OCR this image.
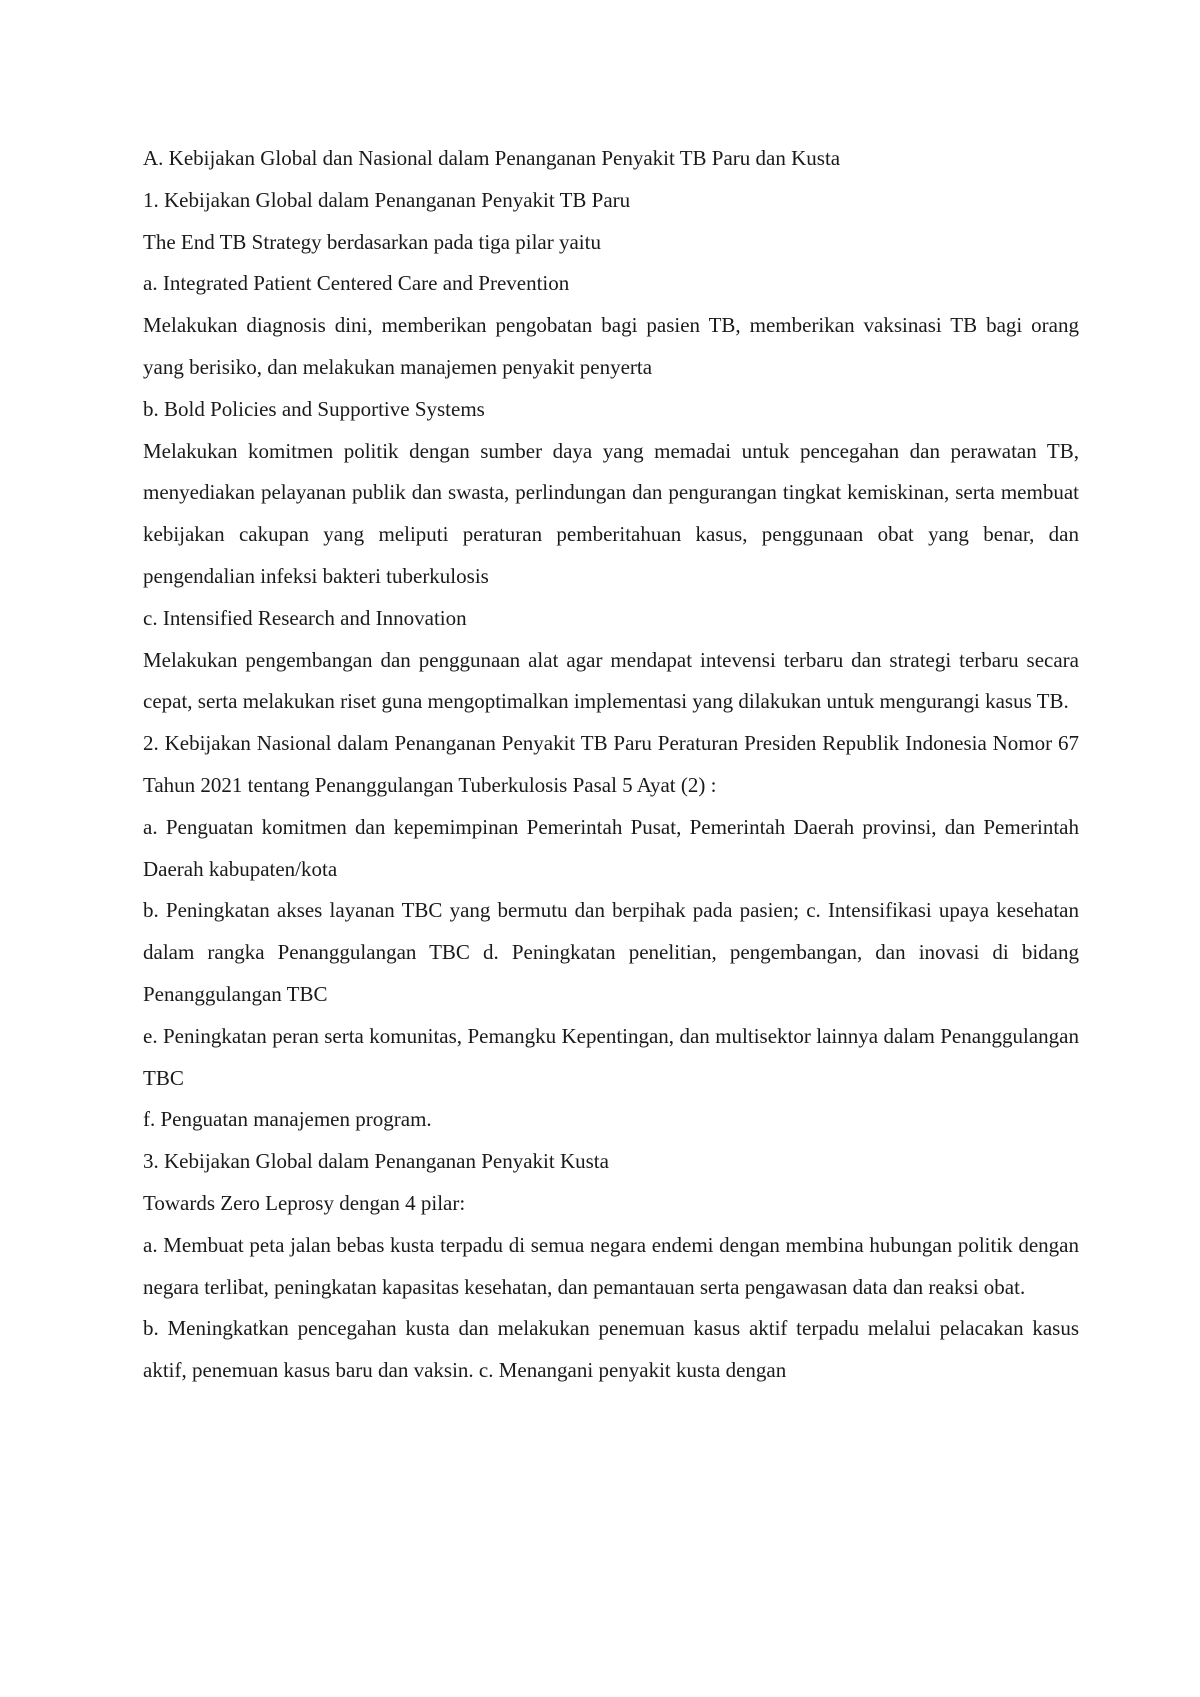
A. Kebijakan Global dan Nasional dalam Penanganan Penyakit TB Paru dan Kusta

1. Kebijakan Global dalam Penanganan Penyakit TB Paru

The End TB Strategy berdasarkan pada tiga pilar yaitu

a. Integrated Patient Centered Care and Prevention

Melakukan diagnosis dini, memberikan pengobatan bagi pasien TB, memberikan vaksinasi TB bagi orang yang berisiko, dan melakukan manajemen penyakit penyerta

b. Bold Policies and Supportive Systems

Melakukan komitmen politik dengan sumber daya yang memadai untuk pencegahan dan perawatan TB, menyediakan pelayanan publik dan swasta, perlindungan dan pengurangan tingkat kemiskinan, serta membuat kebijakan cakupan yang meliputi peraturan pemberitahuan kasus, penggunaan obat yang benar, dan pengendalian infeksi bakteri tuberkulosis

c. Intensified Research and Innovation

Melakukan pengembangan dan penggunaan alat agar mendapat intevensi terbaru dan strategi terbaru secara cepat, serta melakukan riset guna mengoptimalkan implementasi yang dilakukan untuk mengurangi kasus TB.

2. Kebijakan Nasional dalam Penanganan Penyakit TB Paru Peraturan Presiden Republik Indonesia Nomor 67 Tahun 2021 tentang Penanggulangan Tuberkulosis Pasal 5 Ayat (2) :

a. Penguatan komitmen dan kepemimpinan Pemerintah Pusat, Pemerintah Daerah provinsi, dan Pemerintah Daerah kabupaten/kota

b. Peningkatan akses layanan TBC yang bermutu dan berpihak pada pasien; c. Intensifikasi upaya kesehatan dalam rangka Penanggulangan TBC d. Peningkatan penelitian, pengembangan, dan inovasi di bidang Penanggulangan TBC

e. Peningkatan peran serta komunitas, Pemangku Kepentingan, dan multisektor lainnya dalam Penanggulangan TBC

f. Penguatan manajemen program.

3. Kebijakan Global dalam Penanganan Penyakit Kusta

Towards Zero Leprosy dengan 4 pilar:

a. Membuat peta jalan bebas kusta terpadu di semua negara endemi dengan membina hubungan politik dengan negara terlibat, peningkatan kapasitas kesehatan, dan pemantauan serta pengawasan data dan reaksi obat.

b. Meningkatkan pencegahan kusta dan melakukan penemuan kasus aktif terpadu melalui pelacakan kasus aktif, penemuan kasus baru dan vaksin. c. Menangani penyakit kusta dengan
